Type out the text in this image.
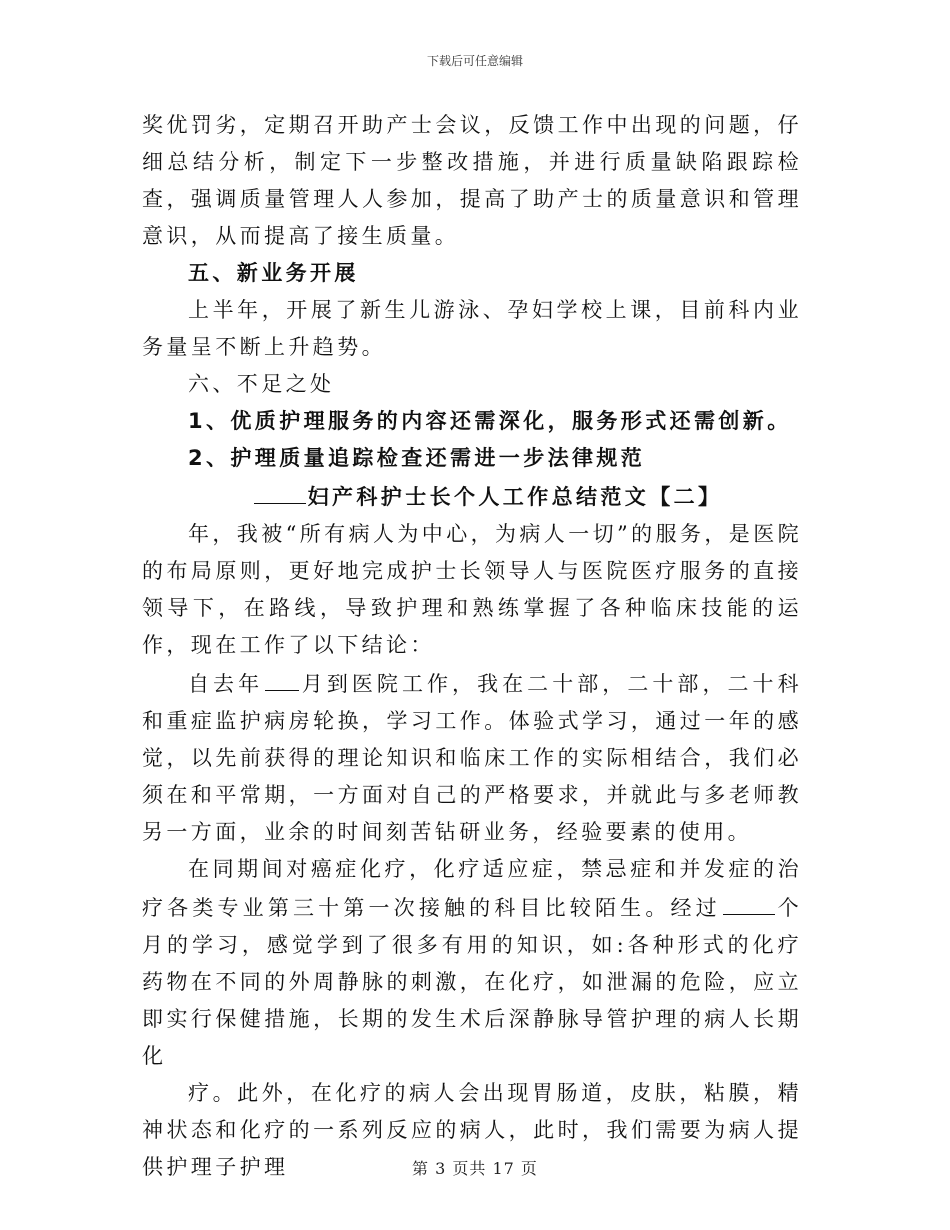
下载后可任意编辑

奖优罚劣，定期召开助产士会议，反馈工作中出现的问题，仔细总结分析，制定下一步整改措施，并进行质量缺陷跟踪检查，强调质量管理人人参加，提高了助产士的质量意识和管理意识，从而提高了接生质量。

五、新业务开展

上半年，开展了新生儿游泳、孕妇学校上课，目前科内业务量呈不断上升趋势。

六、不足之处

1、优质护理服务的内容还需深化，服务形式还需创新。

2、护理质量追踪检查还需进一步法律规范

妇产科护士长个人工作总结范文【二】

年，我被“所有病人为中心，为病人一切”的服务，是医院的布局原则，更好地完成护士长领导人与医院医疗服务的直接领导下，在路线，导致护理和熟练掌握了各种临床技能的运作，现在工作了以下结论：

自去年 月到医院工作，我在二十部，二十部，二十科和重症监护病房轮换，学习工作。体验式学习，通过一年的感觉，以先前获得的理论知识和临床工作的实际相结合，我们必须在和平常期，一方面对自己的严格要求，并就此与多老师教另一方面，业余的时间刻苦钻研业务，经验要素的使用。

在同期间对癌症化疗，化疗适应症，禁忌症和并发症的治疗各类专业第三十第一次接触的科目比较陌生。经过	个月的学习，感觉学到了很多有用的知识，如:各种形式的化疗药物在不同的外周静脉的刺激，在化疗，如泄漏的危险，应立即实行保健措施，长期的发生术后深静脉导管护理的病人长期化

疗。此外，在化疗的病人会出现胃肠道，皮肤，粘膜，精神状态和化疗的一系列反应的病人，此时，我们需要为病人提供护理子护理	第 3 页共 17 页
